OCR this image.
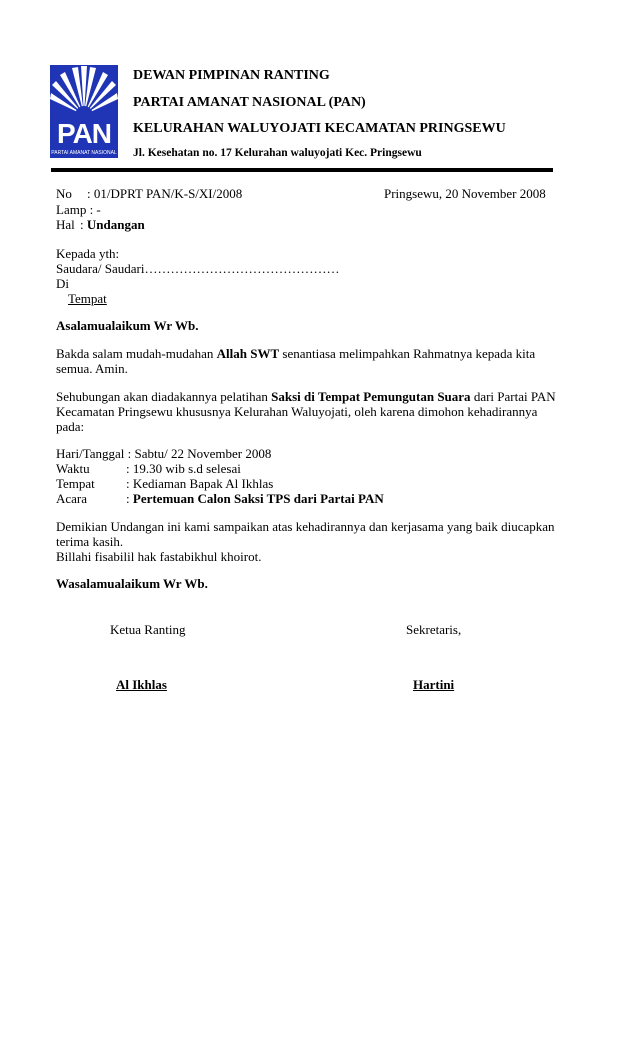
PAN
PARTAI AMANAT NASIONAL
DEWAN PIMPINAN RANTING
PARTAI AMANAT NASIONAL (PAN)
KELURAHAN WALUYOJATI KECAMATAN PRINGSEWU
Jl. Kesehatan no. 17 Kelurahan waluyojati Kec. Pringsewu
No : 01/DPRT PAN/K-S/XI/2008	Pringsewu, 20 November 2008
Lamp : -
Hal : Undangan
Kepada yth:
Saudara/ Saudari………………………………………
Di
Tempat
Asalamualaikum Wr Wb.
Bakda salam mudah-mudahan Allah SWT senantiasa melimpahkan Rahmatnya kepada kita
semua. Amin.
Sehubungan akan diadakannya pelatihan Saksi di Tempat Pemungutan Suara dari Partai PAN
Kecamatan Pringsewu khususnya Kelurahan Waluyojati, oleh karena dimohon kehadirannya
pada:
Hari/Tanggal : Sabtu/ 22 November 2008
Waktu	: 19.30 wib s.d selesai
Tempat : Kediaman Bapak Al Ikhlas
Acara	: Pertemuan Calon Saksi TPS dari Partai PAN
Demikian Undangan ini kami sampaikan atas kehadirannya dan kerjasama yang baik diucapkan
terima kasih.
Billahi fisabilil hak fastabikhul khoirot.
Wasalamualaikum Wr Wb.
Ketua Ranting	Sekretaris,
Al Ikhlas	Hartini
